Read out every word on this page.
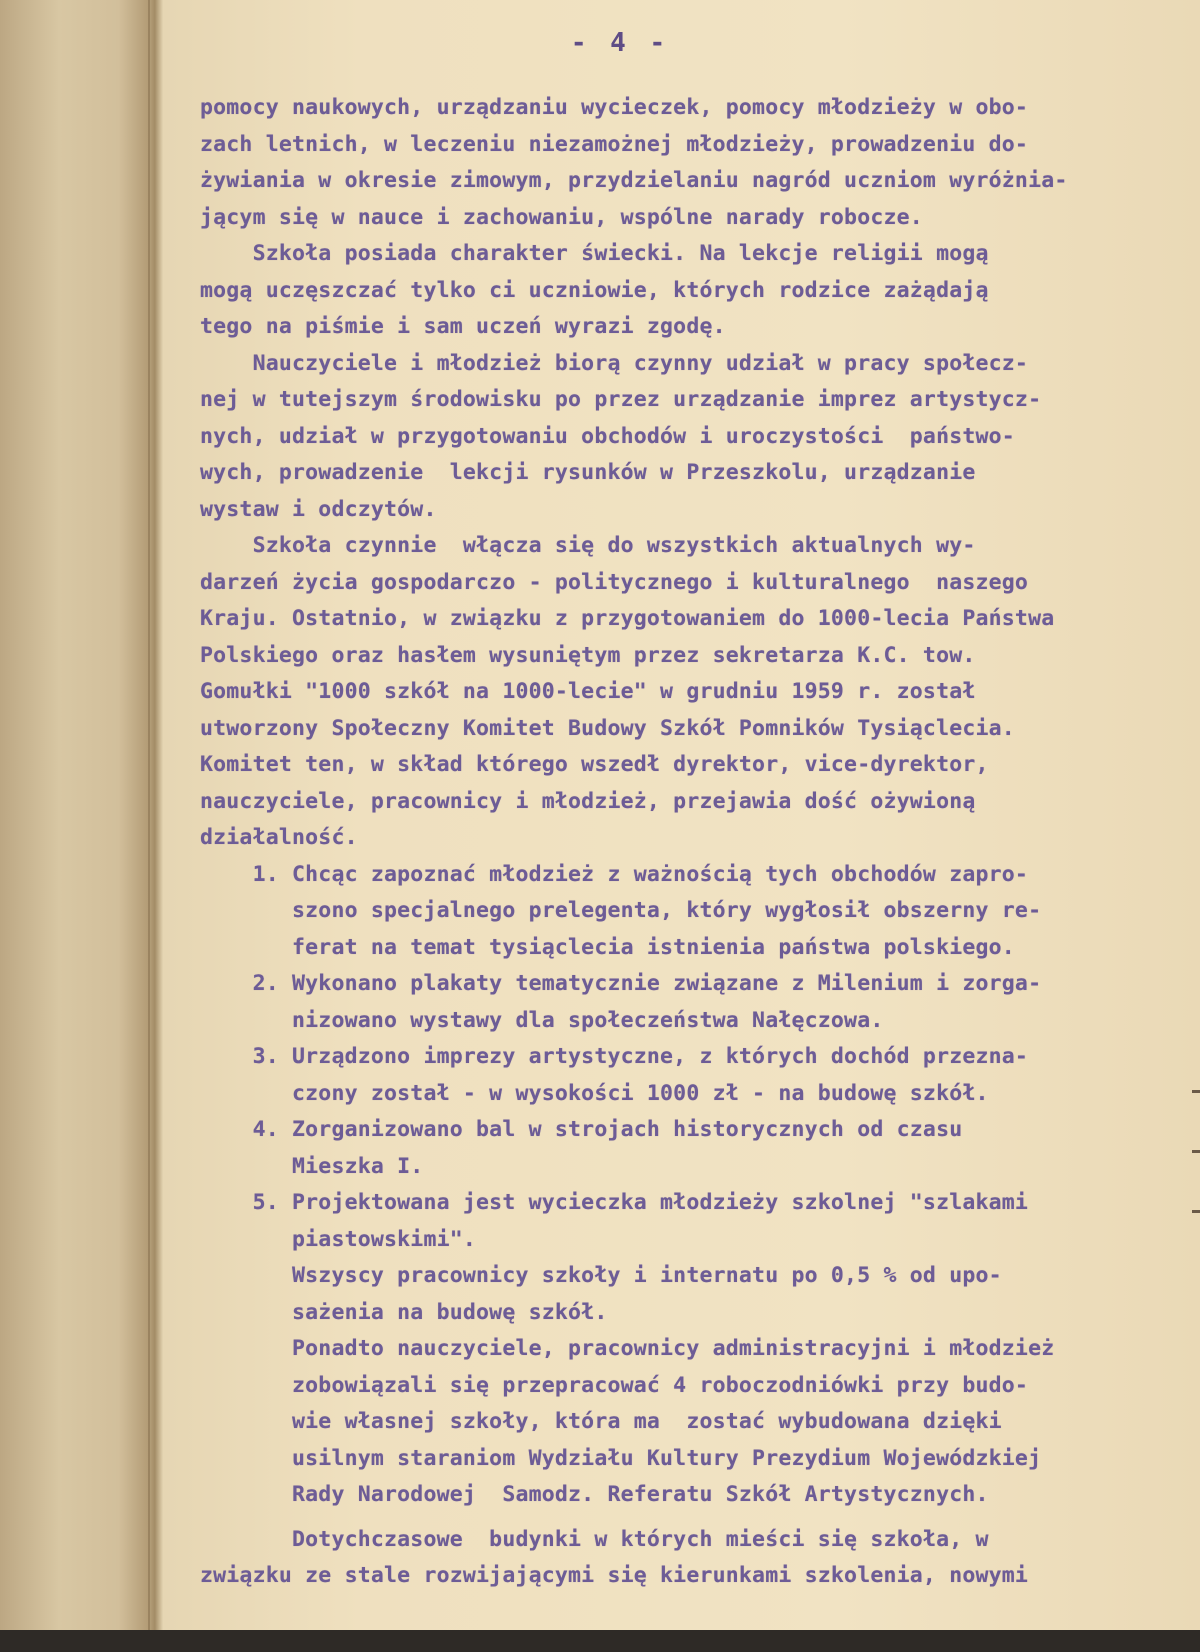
- 4 -
pomocy naukowych, urządzaniu wycieczek, pomocy młodzieży w obo-
zach letnich, w leczeniu niezamożnej młodzieży, prowadzeniu do-
żywiania w okresie zimowym, przydzielaniu nagród uczniom wyróżnia-
jącym się w nauce i zachowaniu, wspólne narady robocze.
Szkoła posiada charakter świecki. Na lekcje religii mogą
mogą uczęszczać tylko ci uczniowie, których rodzice zażądają
tego na piśmie i sam uczeń wyrazi zgodę.
Nauczyciele i młodzież biorą czynny udział w pracy społecz-
nej w tutejszym środowisku po przez urządzanie imprez artystycz-
nych, udział w przygotowaniu obchodów i uroczystości  państwo-
wych, prowadzenie  lekcji rysunków w Przeszkolu, urządzanie
wystaw i odczytów.
Szkoła czynnie  włącza się do wszystkich aktualnych wy-
darzeń życia gospodarczo - politycznego i kulturalnego  naszego
Kraju. Ostatnio, w związku z przygotowaniem do 1000-lecia Państwa
Polskiego oraz hasłem wysuniętym przez sekretarza K.C. tow.
Gomułki "1000 szkół na 1000-lecie" w grudniu 1959 r. został
utworzony Społeczny Komitet Budowy Szkół Pomników Tysiąclecia.
Komitet ten, w skład którego wszedł dyrektor, vice-dyrektor,
nauczyciele, pracownicy i młodzież, przejawia dość ożywioną
działalność.
1. Chcąc zapoznać młodzież z ważnością tych obchodów zapro-
szono specjalnego prelegenta, który wygłosił obszerny re-
ferat na temat tysiąclecia istnienia państwa polskiego.
2. Wykonano plakaty tematycznie związane z Milenium i zorga-
nizowano wystawy dla społeczeństwa Nałęczowa.
3. Urządzono imprezy artystyczne, z których dochód przezna-
czony został - w wysokości 1000 zł - na budowę szkół.
4. Zorganizowano bal w strojach historycznych od czasu
Mieszka I.
5. Projektowana jest wycieczka młodzieży szkolnej "szlakami
piastowskimi".
Wszyscy pracownicy szkoły i internatu po 0,5 % od upo-
sażenia na budowę szkół.
Ponadto nauczyciele, pracownicy administracyjni i młodzież
zobowiązali się przepracować 4 roboczodniówki przy budo-
wie własnej szkoły, która ma  zostać wybudowana dzięki
usilnym staraniom Wydziału Kultury Prezydium Wojewódzkiej
Rady Narodowej  Samodz. Referatu Szkół Artystycznych.
Dotychczasowe  budynki w których mieści się szkoła, w
związku ze stale rozwijającymi się kierunkami szkolenia, nowymi
